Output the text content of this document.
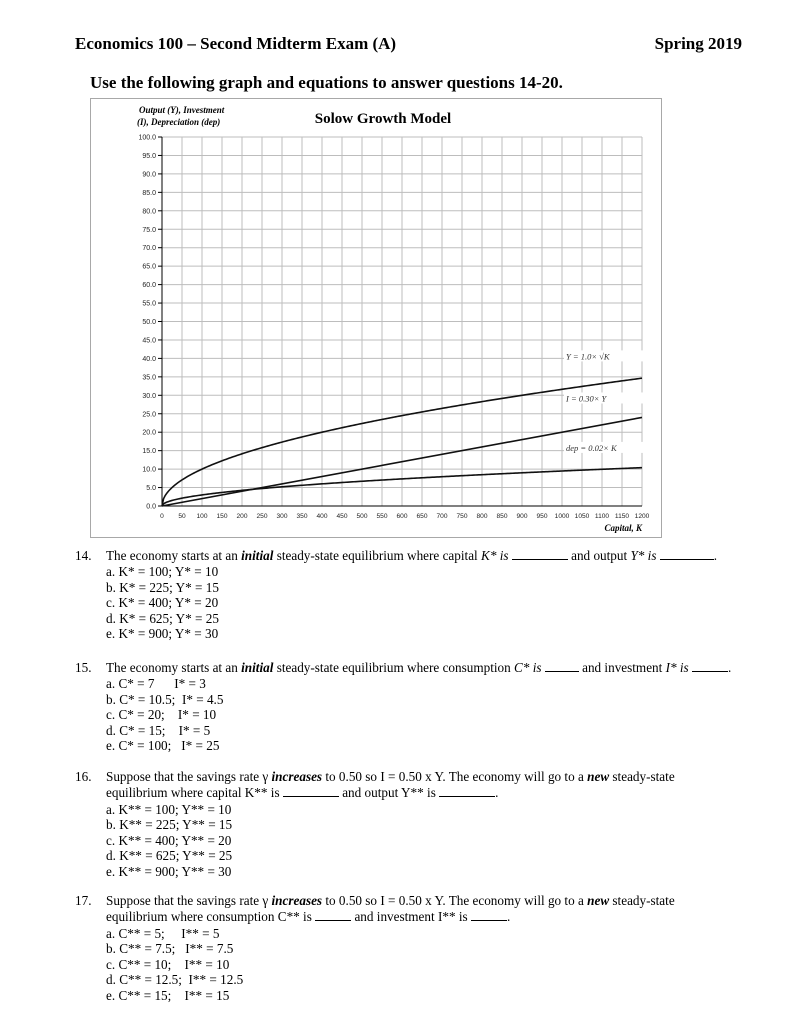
Economics 100 – Second Midterm Exam (A)	Spring 2019
Use the following graph and equations to answer questions 14-20.
0.0
5.0
10.0
15.0
20.0
25.0
30.0
35.0
40.0
45.0
50.0
55.0
60.0
65.0
70.0
75.0
80.0
85.0
90.0
95.0
100.0
0 50 100 150 200 250 300 350 400 450 500 550 600 650 700 750 800 850 900 950 1000 1050 1100 1150 1200
Solow Growth Model
Output (Y), Investment
(I), Depreciation (dep)
Capital, K
Y = 1.0× √K
I = 0.30× Y
dep = 0.02× K
14. The economy starts at an initial steady-state equilibrium where capital K* is	and output Y* is	.
a. K* = 100; Y* = 10
b. K* = 225; Y* = 15
c. K* = 400; Y* = 20
d. K* = 625; Y* = 25
e. K* = 900; Y* = 30
15. The economy starts at an initial steady-state equilibrium where consumption C* is	and investment I* is	.
a. C* = 7      I* = 3
b. C* = 10.5;  I* = 4.5
c. C* = 20;    I* = 10
d. C* = 15;    I* = 5
e. C* = 100;   I* = 25
16. Suppose that the savings rate γ increases to 0.50 so I = 0.50 x Y. The economy will go to a new steady-state
equilibrium where capital K** is	and output Y** is	.
a. K** = 100; Y** = 10
b. K** = 225; Y** = 15
c. K** = 400; Y** = 20
d. K** = 625; Y** = 25
e. K** = 900; Y** = 30
17. Suppose that the savings rate γ increases to 0.50 so I = 0.50 x Y. The economy will go to a new steady-state
equilibrium where consumption C** is	and investment I** is	.
a. C** = 5;     I** = 5
b. C** = 7.5;   I** = 7.5
c. C** = 10;    I** = 10
d. C** = 12.5;  I** = 12.5
e. C** = 15;    I** = 15
